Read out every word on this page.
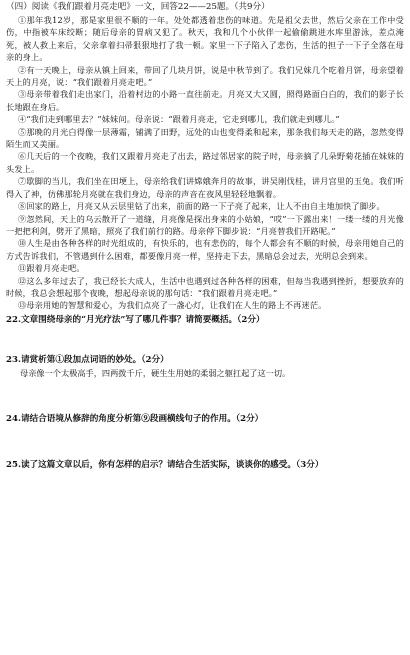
（四）阅读《我们跟着月亮走吧》一文，回答22——25题。（共9分）

①那年我12岁，那是家里很不顺的一年。处处都透着悲伤的味道。先是祖父去世，然后父亲在工作中受伤，中指被车床绞断；随后母亲的胃病又犯了。秋天，我和几个小伙伴一起偷偷跳进水库里游泳，差点淹死，被人救上来后，父亲拿着扫帚狠狠地打了我一顿。家里一下子陷入了悲伤，生活的担子一下子全落在母亲的身上。

②有一天晚上，母亲从镇上回来，带回了几块月饼，说是中秋节到了。我们兄妹几个吃着月饼，母亲望着天上的月亮，说：“我们跟着月亮走吧。”

③母亲带着我们走出家门，沿着村边的小路一直往前走。月亮又大又圆，照得路面白白的，我们的影子长长地跟在身后。

④“我们走到哪里去？”妹妹问。母亲说：“跟着月亮走，它走到哪儿，我们就走到哪儿。”

⑤那晚的月光白得像一层薄霜，铺满了田野，远处的山也变得柔和起来，那条我们每天走的路，忽然变得陌生而又美丽。

⑥几天后的一个夜晚，我们又跟着月亮走了出去，路过邻居家的院子时，母亲摘了几朵野菊花插在妹妹的头发上。

⑦歇脚的当儿，我们坐在田埂上，母亲给我们讲嫦娥奔月的故事，讲吴刚伐桂，讲月宫里的玉兔。我们听得入了神，仿佛那轮月亮就在我们身边，母亲的声音在夜风里轻轻地飘着。

⑧回家的路上，月亮又从云层里钻了出来，前面的路一下子亮了起来，让人不由自主地加快了脚步。

⑨忽然间，天上的乌云散开了一道缝，月亮像是探出身来的小姑娘，“哎”一下露出来！一缕一缕的月光像一把把利剑，劈开了黑暗，照亮了我们前行的路。母亲停下脚步说：“月亮替我们开路呢。”

⑩人生是由各种各样的时光组成的，有快乐的，也有悲伤的，每个人都会有不顺的时候，母亲用她自己的方式告诉我们，不管遇到什么困难，都要像月亮一样，坚持走下去，黑暗总会过去，光明总会到来。

⑪跟着月亮走吧。

⑫这么多年过去了，我已经长大成人，生活中也遇到过各种各样的困难，但每当我遇到挫折，想要放弃的时候，我总会想起那个夜晚，想起母亲说的那句话：“我们跟着月亮走吧。”

⑬母亲用她的智慧和爱心，为我们点亮了一盏心灯，让我们在人生的路上不再迷茫。

22.文章围绕母亲的“月光疗法”写了哪几件事？请简要概括。（2分）

23.请赏析第①段加点词语的妙处。（2分）

母亲像一个太极高手，四两拨千斤，硬生生用她的柔弱之躯扛起了这一切。

24.请结合语境从修辞的角度分析第⑨段画横线句子的作用。（2分）

25.读了这篇文章以后，你有怎样的启示？请结合生活实际，谈谈你的感受。（3分）
